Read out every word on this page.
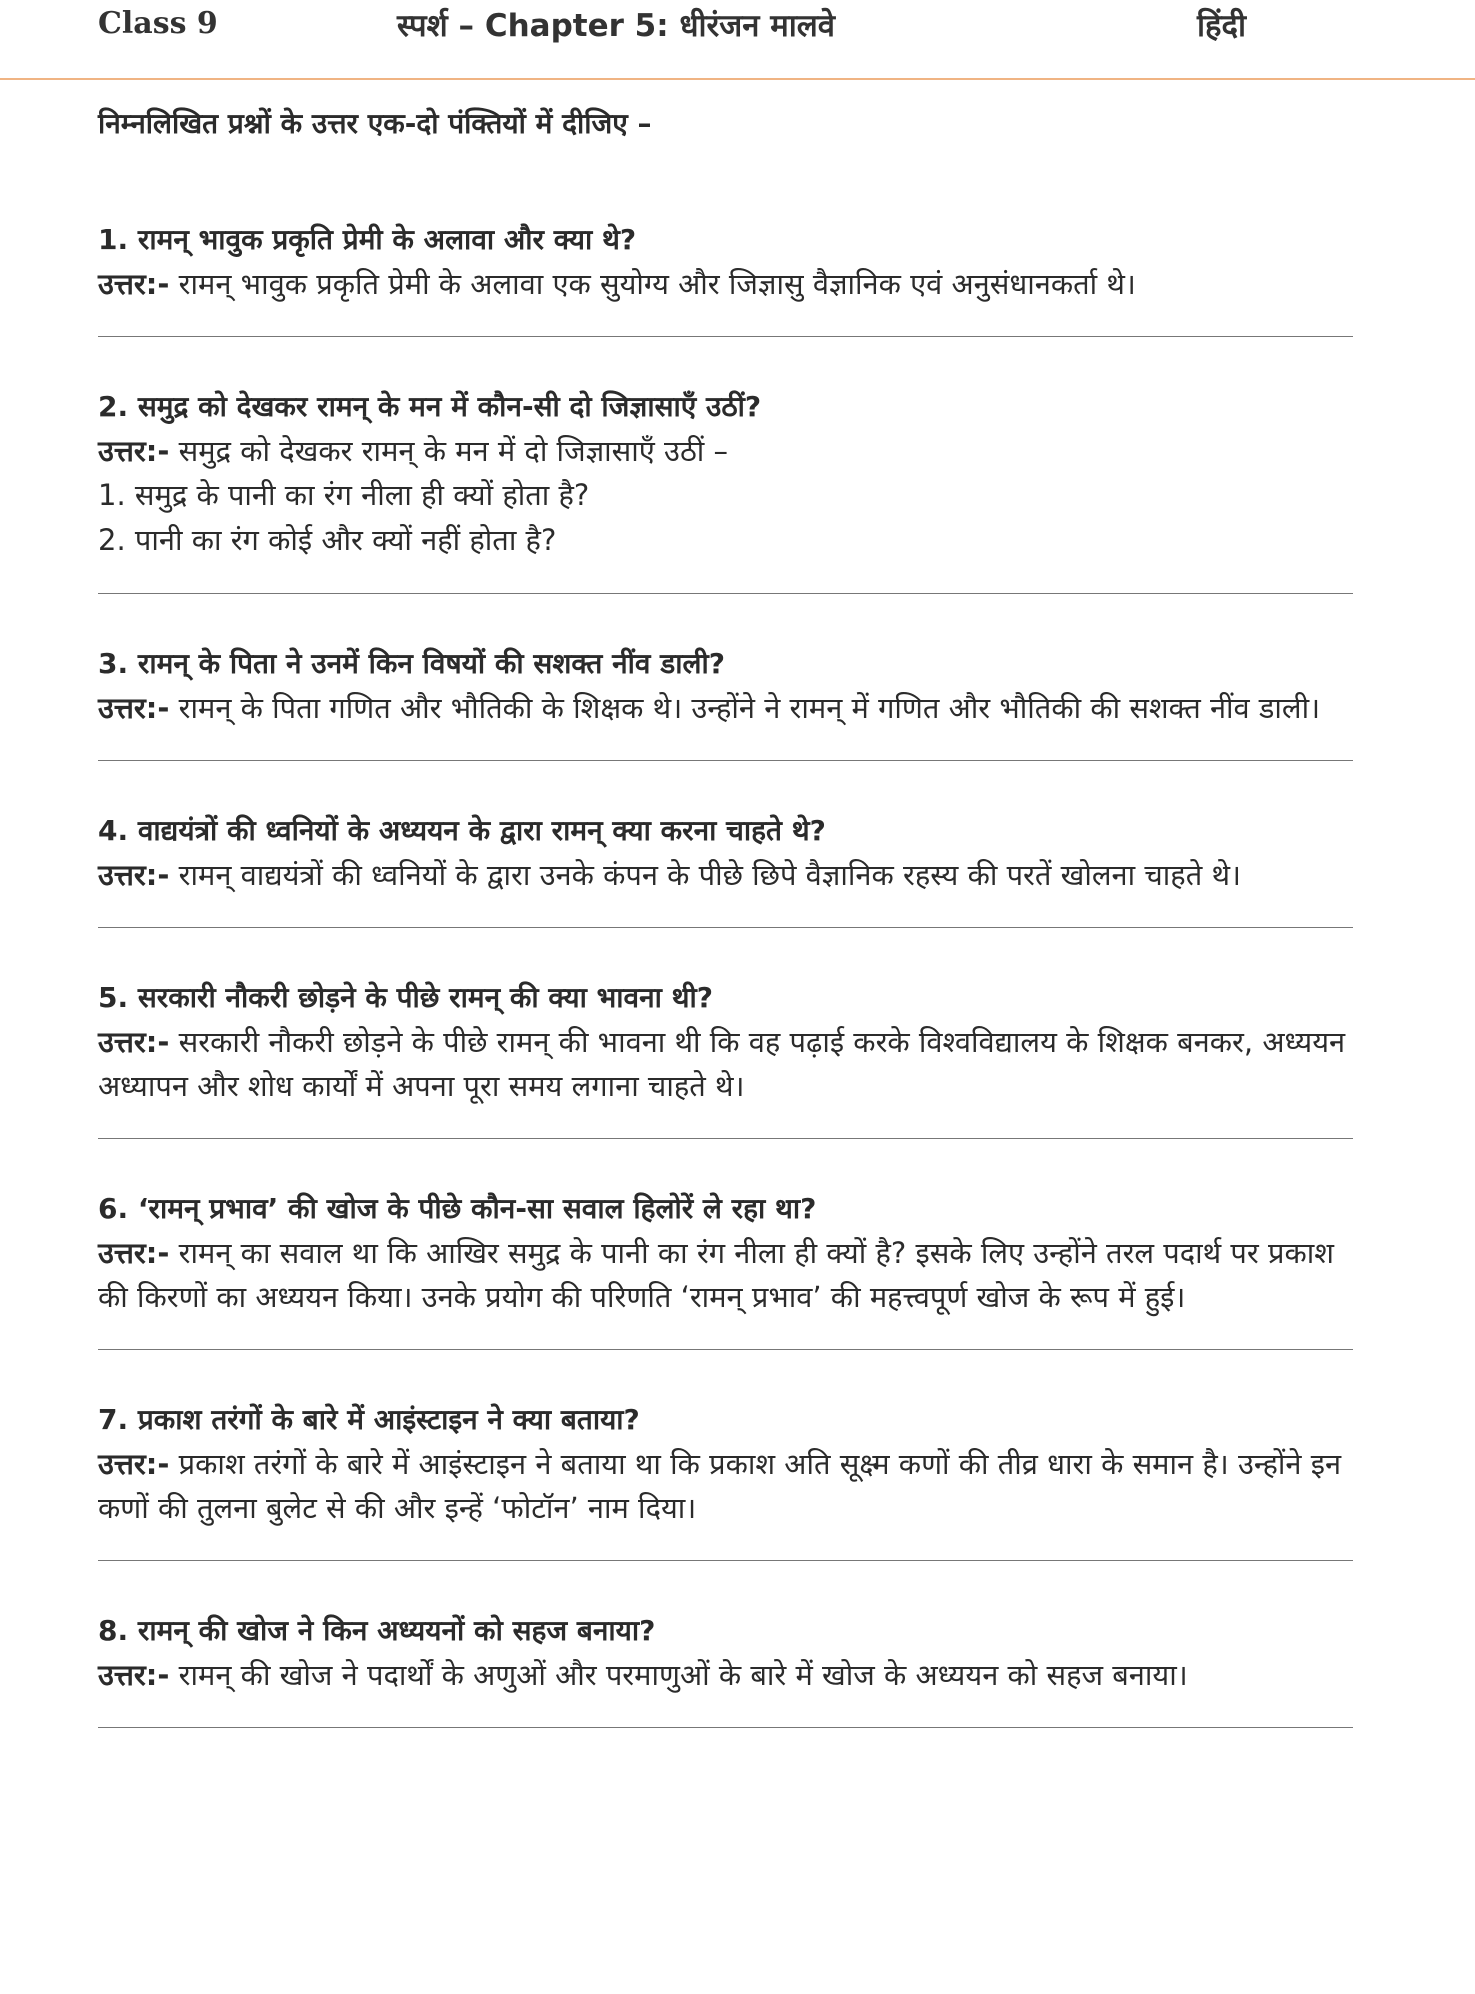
Class 9	स्पर्श – Chapter 5: धीरंजन मालवे	हिंदी
निम्नलिखित प्रश्नों के उत्तर एक-दो पंक्तियों में दीजिए –
1. रामन् भावुक प्रकृति प्रेमी के अलावा और क्या थे?
उत्तर:- रामन् भावुक प्रकृति प्रेमी के अलावा एक सुयोग्य और जिज्ञासु वैज्ञानिक एवं अनुसंधानकर्ता थे।
2. समुद्र को देखकर रामन् के मन में कौन-सी दो जिज्ञासाएँ उठीं?
उत्तर:- समुद्र को देखकर रामन् के मन में दो जिज्ञासाएँ उठीं –
1. समुद्र के पानी का रंग नीला ही क्यों होता है?
2. पानी का रंग कोई और क्यों नहीं होता है?
3. रामन् के पिता ने उनमें किन विषयों की सशक्त नींव डाली?
उत्तर:- रामन् के पिता गणित और भौतिकी के शिक्षक थे। उन्होंने ने रामन् में गणित और भौतिकी की सशक्त नींव डाली।
4. वाद्ययंत्रों की ध्वनियों के अध्ययन के द्वारा रामन् क्या करना चाहते थे?
उत्तर:- रामन् वाद्ययंत्रों की ध्वनियों के द्वारा उनके कंपन के पीछे छिपे वैज्ञानिक रहस्य की परतें खोलना चाहते थे।
5. सरकारी नौकरी छोड़ने के पीछे रामन् की क्या भावना थी?
उत्तर:- सरकारी नौकरी छोड़ने के पीछे रामन् की भावना थी कि वह पढ़ाई करके विश्वविद्यालय के शिक्षक बनकर, अध्ययन अध्यापन और शोध कार्यों में अपना पूरा समय लगाना चाहते थे।
6. ‘रामन् प्रभाव’ की खोज के पीछे कौन-सा सवाल हिलोरें ले रहा था?
उत्तर:- रामन् का सवाल था कि आखिर समुद्र के पानी का रंग नीला ही क्यों है? इसके लिए उन्होंने तरल पदार्थ पर प्रकाश की किरणों का अध्ययन किया। उनके प्रयोग की परिणति ‘रामन् प्रभाव’ की महत्त्वपूर्ण खोज के रूप में हुई।
7. प्रकाश तरंगों के बारे में आइंस्टाइन ने क्या बताया?
उत्तर:- प्रकाश तरंगों के बारे में आइंस्टाइन ने बताया था कि प्रकाश अति सूक्ष्म कणों की तीव्र धारा के समान है। उन्होंने इन कणों की तुलना बुलेट से की और इन्हें ‘फोटॉन’ नाम दिया।
8. रामन् की खोज ने किन अध्ययनों को सहज बनाया?
उत्तर:- रामन् की खोज ने पदार्थों के अणुओं और परमाणुओं के बारे में खोज के अध्ययन को सहज बनाया।
